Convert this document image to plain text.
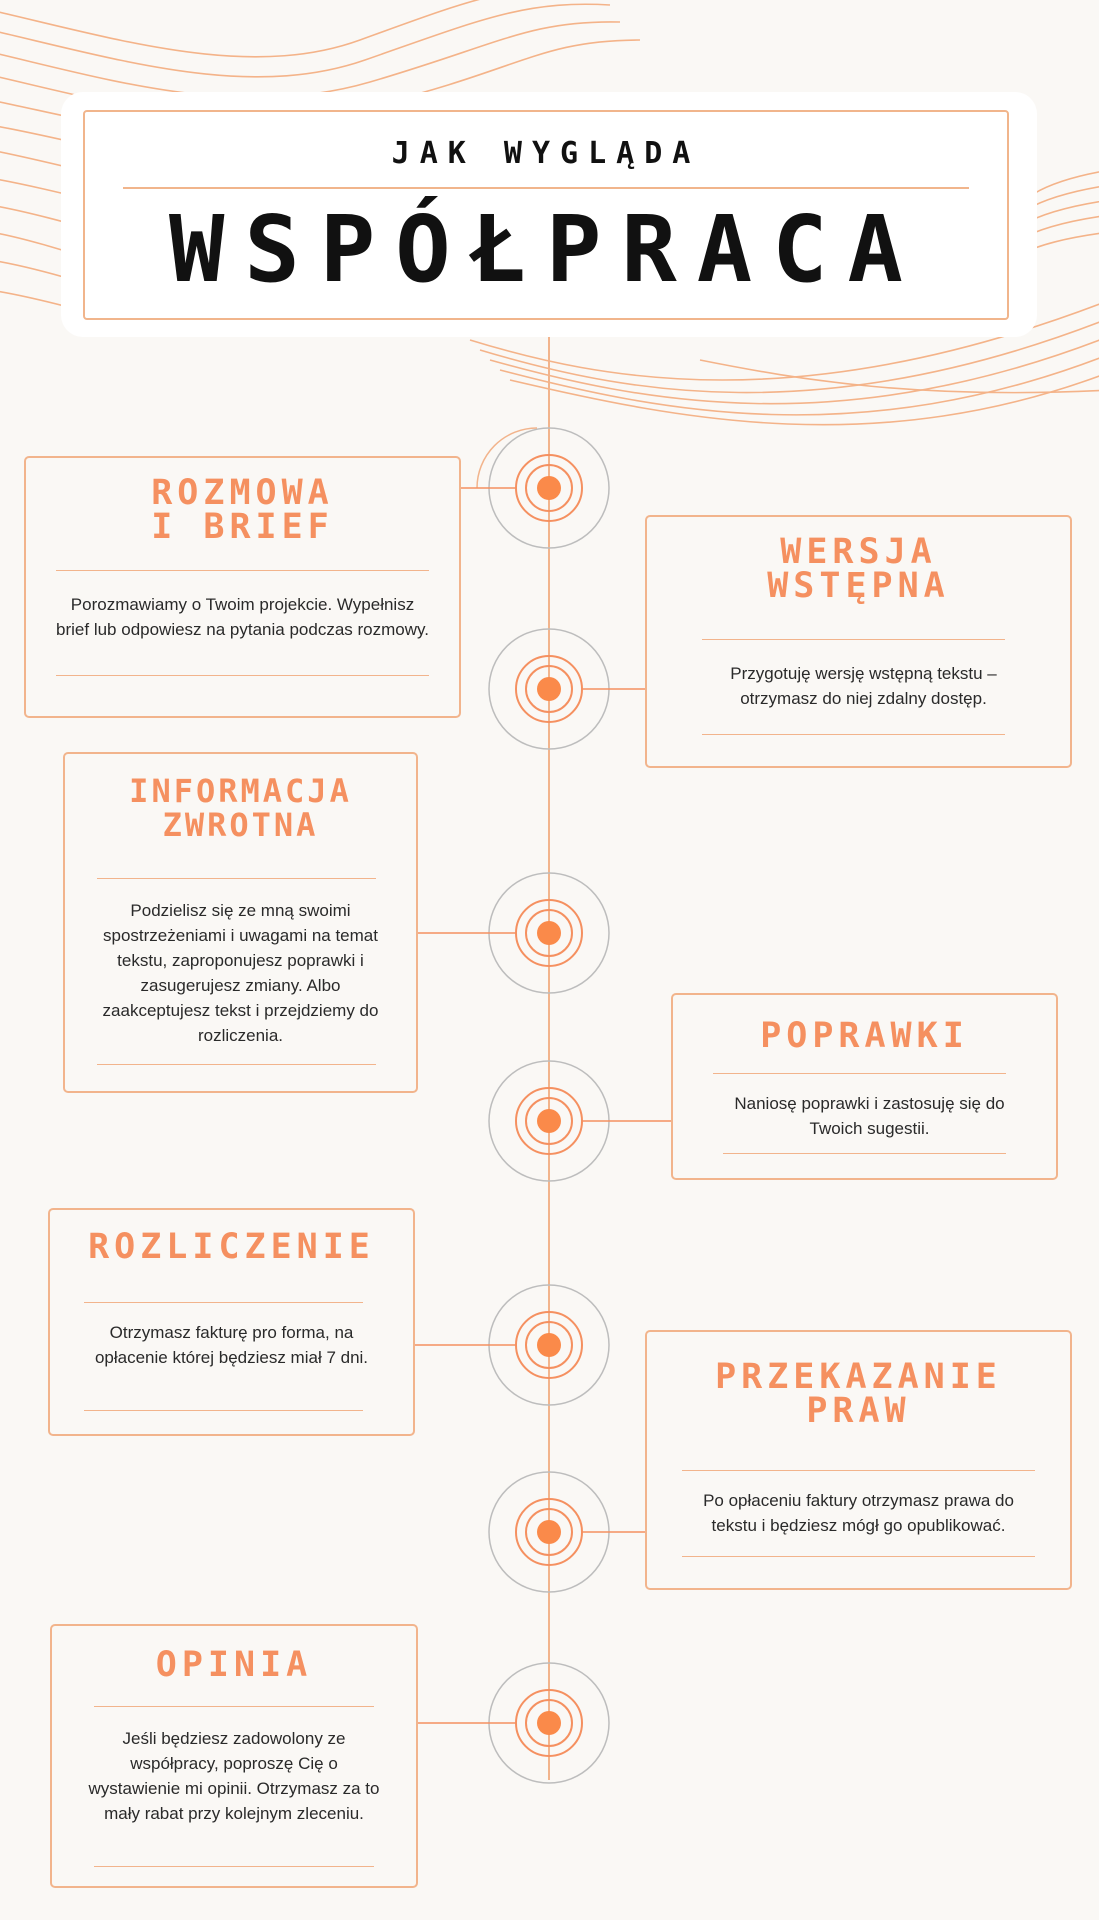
JAK WYGLĄDA
WSPÓŁPRACA
ROZMOWA
I BRIEF
Porozmawiamy o Twoim projekcie. Wypełnisz brief lub odpowiesz na pytania podczas rozmowy.
WERSJA
WSTĘPNA
Przygotuję wersję wstępną tekstu – otrzymasz do niej zdalny dostęp.
INFORMACJA
ZWROTNA
Podzielisz się ze mną swoimi spostrzeżeniami i uwagami na temat tekstu, zaproponujesz poprawki i zasugerujesz zmiany. Albo zaakceptujesz tekst i przejdziemy do rozliczenia.	POPRAWKI
Naniosę poprawki i zastosuję się do Twoich sugestii.
ROZLICZENIE
Otrzymasz fakturę pro forma, na opłacenie której będziesz miał 7 dni.	PRZEKAZANIE
PRAW
Po opłaceniu faktury otrzymasz prawa do tekstu i będziesz mógł go opublikować.
OPINIA
Jeśli będziesz zadowolony ze współpracy, poproszę Cię o wystawienie mi opinii. Otrzymasz za to mały rabat przy kolejnym zleceniu.
